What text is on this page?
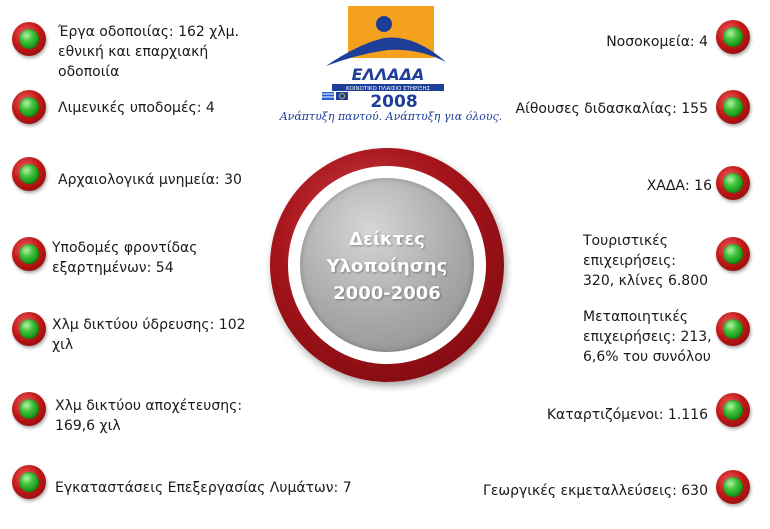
ΕΛΛΑΔΑ
ΚΟΙΝΟΤΙΚΟ ΠΛΑΙΣΙΟ ΣΤΗΡΙΞΗΣ
2008
Ανάπτυξη παντού. Ανάπτυξη για όλους.
Δείκτες
Υλοποίησης
2000-2006
Έργα οδοποιίας: 162 χλμ.
εθνική και επαρχιακή
οδοποιία
Λιμενικές υποδομές: 4
Αρχαιολογικά μνημεία: 30
Υποδομές φροντίδας
εξαρτημένων: 54
Χλμ δικτύου ύδρευσης: 102
χιλ
Χλμ δικτύου αποχέτευσης:
169,6 χιλ
Εγκαταστάσεις Επεξεργασίας Λυμάτων: 7
Νοσοκομεία: 4
Αίθουσες διδασκαλίας: 155
ΧΑΔΑ: 16
Τουριστικές
επιχειρήσεις:
320, κλίνες 6.800
Μεταποιητικές
επιχειρήσεις: 213,
6,6% του συνόλου
Καταρτιζόμενοι: 1.116
Γεωργικές εκμεταλλεύσεις: 630
